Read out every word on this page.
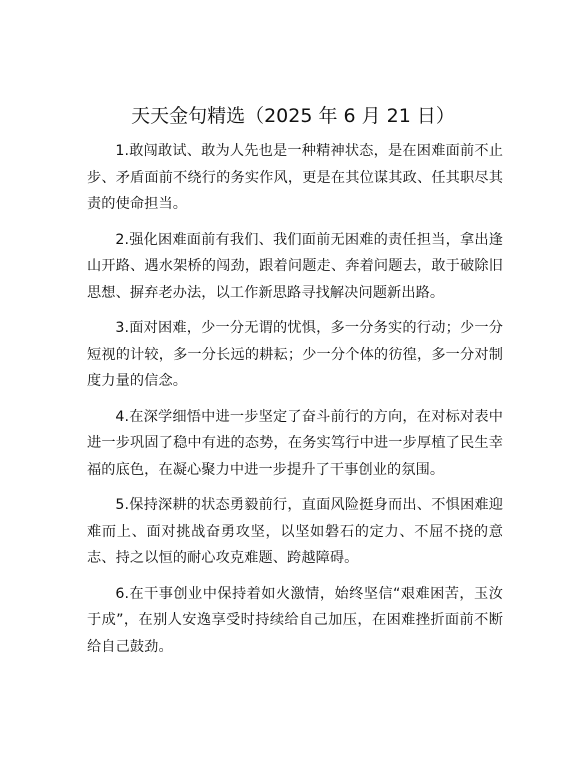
天天金句精选（2025 年 6 月 21 日）

1.敢闯敢试、敢为人先也是一种精神状态，是在困难面前不止步、矛盾面前不绕行的务实作风，更是在其位谋其政、任其职尽其责的使命担当。

2.强化困难面前有我们、我们面前无困难的责任担当，拿出逢山开路、遇水架桥的闯劲，跟着问题走、奔着问题去，敢于破除旧思想、摒弃老办法，以工作新思路寻找解决问题新出路。

3.面对困难，少一分无谓的忧惧，多一分务实的行动；少一分短视的计较，多一分长远的耕耘；少一分个体的彷徨，多一分对制度力量的信念。

4.在深学细悟中进一步坚定了奋斗前行的方向，在对标对表中进一步巩固了稳中有进的态势，在务实笃行中进一步厚植了民生幸福的底色，在凝心聚力中进一步提升了干事创业的氛围。

5.保持深耕的状态勇毅前行，直面风险挺身而出、不惧困难迎难而上、面对挑战奋勇攻坚，以坚如磐石的定力、不屈不挠的意志、持之以恒的耐心攻克难题、跨越障碍。

6.在干事创业中保持着如火激情，始终坚信“艰难困苦，玉汝于成”，在别人安逸享受时持续给自己加压，在困难挫折面前不断给自己鼓劲。
